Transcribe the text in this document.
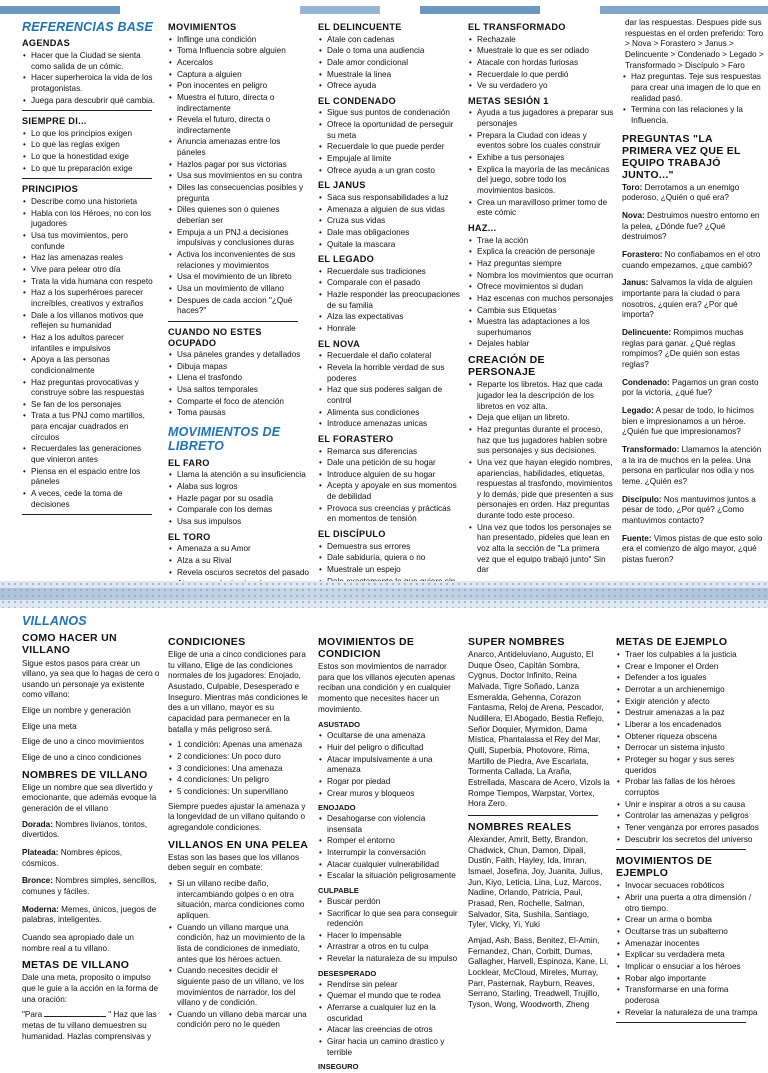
REFERENCIAS BASE
AGENDAS
• Hacer que la Ciudad se sienta como salida de un cómic.
• Hacer superheroica la vida de los protagonistas.
• Juega para descubrir qué cambia.
SIEMPRE DI...
• Lo que los principios exigen
• Lo que las reglas exigen
• Lo que la honestidad exige
• Lo que tu preparación exige
PRINCIPIOS
• Describe como una historieta
• Habla con los Héroes, no con los jugadores
• Usa tus movimientos, pero confunde
• Haz las amenazas reales
• Vive para pelear otro día
• Trata la vida humana con respeto
• Haz a los superhéroes parecer increíbles, creativos y extraños
• Dale a los villanos motivos que reflejen su humanidad
• Haz a los adultos parecer infantiles e impulsivos
• Apoya a las personas condicionalmente
• Haz preguntas provocativas y construye sobre las respuestas
• Se fan de los personajes
• Trata a tus PNJ como martillos, para encajar cuadrados en círculos
• Recuerdales las generaciones que vinieron antes
• Piensa en el espacio entre los páneles
• A veces, cede la toma de decisiones
MOVIMIENTOS
• Inflinge una condición
• Toma Influencia sobre alguien
• Acercalos
• Captura a alguien
• Pon inocentes en peligro
• Muestra el futuro, directa o indirectamente
• Revela el futuro, directa o indirectamente
• Anuncia amenazas entre los páneles
• Hazlos pagar por sus victorias
• Usa sus movimientos en su contra
• Diles las consecuencias posibles y pregunta
• Diles quienes son o quienes deberían ser
• Empuja a un PNJ a decisiones impulsivas y conclusiones duras
• Activa los inconvenientes de sus relaciones y movimientos
• Usa el movimiento de un libreto
• Usa un movimiento de villano
• Despues de cada accion "¿Qué haces?"
CUANDO NO ESTES OCUPADO
• Usa páneles grandes y detallados
• Dibuja mapas
• Llena el trasfondo
• Usa saltos temporales
• Comparte el foco de atención
• Toma pausas
MOVIMIENTOS DE LIBRETO
EL FARO
• Llama la atención a su insuficiencia
• Alaba sus logros
• Hazle pagar por su osadía
• Comparale con los demas
• Usa sus impulsos
EL TORO
• Amenaza a su Amor
• Alza a su Rival
• Revela oscuros secretos del pasado
•
•
EL DELINCUENTE
• Atale con cadenas
• Dale o toma una audiencia
• Dale amor condicional
• Muestrale la linea
• Ofrece ayuda
EL CONDENADO
• Sigue sus puntos de condenación
• Ofrece la oportunidad de perseguir su meta
• Recuerdale lo que puede perder
• Empujale al limite
• Ofrece ayuda a un gran costo
EL JANUS
• Saca sus responsabilidades a luz
• Amenaza a alguien de sus vidas
• Cruza sus vidas
• Dale mas obligaciones
• Quitale la mascara
EL LEGADO
• Recuerdale sus tradiciones
• Comparale con el pasado
• Hazle responder las preocupaciones de su familia
• Alza las expectativas
• Honrale
EL NOVA
• Recuerdale el daño colateral
• Revela la horrible verdad de sus poderes
• Haz que sus poderes salgan de control
• Alimenta sus condiciones
• Introduce amenazas unicas
EL FORASTERO
• Remarca sus diferencias
• Dale una petición de su hogar
• Introduce alguien de su hogar
• Acepta y apoyale en sus momentos de debilidad
• Provoca sus creencias y prácticas en momentos de tensión
EL DISCÍPULO
• Demuestra sus errores
• Dale sabiduría, quiera o no
• Muestrale un espejo
•
•
EL TRANSFORMADO
• Rechazale
• Muestrale lo que es ser odiado
• Atacale con hordas furiosas
• Recuerdale lo que perdió
• Ve su verdadero yo
METAS SESIÓN 1
• Ayuda a tus jugadores a preparar sus personajes
• Prepara la Ciudad con ideas y eventos sobre los cuales construir
• Exhibe a tus personajes
• Explica la mayoría de las mecánicas del juego, sobre todo los movimientos basicos.
• Crea un maravilloso primer tomo de este cómic
HAZ...
• Trae la acción
• Explica la creación de personaje
• Haz preguntas siempre
• Nombra los movimientos que ocurran
• Ofrece movimientos si dudan
• Haz escenas con muchos personajes
• Cambia sus Etiquetas
• Muestra las adaptaciones a los superhumanos
• Dejales hablar
CREACIÓN DE PERSONAJE
• Reparte los libretos. Haz que cada jugador lea la descripción de los libretos en voz alta.
• Deja que elijan un libreto.
• Haz preguntas durante el proceso, haz que tus jugadores hablen sobre sus personajes y sus decisiones.
• Una vez que hayan elegido nombres, apariencias, habilidades, etiquetas, respuestas al trasfondo, movimientos y lo demás, pide que presenten a sus personajes en orden. Haz preguntas durante todo este proceso.
• Una vez que todos los personajes se han presentado, pideles que lean en voz alta la sección de "La primera vez que el equipo trabajó junto" Sin dar

dar las respuestas. Despues pide sus respuestas en el orden preferido: Toro > Nova > Forastero > Janus > Delincuente > Condenado > Legado > Transformado > Discípulo > Faro

• Haz preguntas. Teje sus respuestas para crear una imagen de lo que en realidad pasó.
• Termina con las relaciones y la Influencia.
PREGUNTAS "LA PRIMERA VEZ QUE EL EQUIPO TRABAJÓ JUNTO..."

Toro: Derrotamos a un enemigo poderoso, ¿Quién o qué era?

Nova: Destruimos nuestro entorno en la pelea, ¿Dónde fue? ¿Qué destruimos?

Forastero: No confiabamos en el otro cuando empezamos, ¿que cambió?

Janus: Salvamos la vida de alguien importante para la ciudad o para nosotros, ¿quien era? ¿Por qué importa?

Delincuente: Rompimos muchas reglas para ganar. ¿Qué reglas rompimos? ¿De quién son estas reglas?

Condenado: Pagamos un gran costo por la victoria, ¿qué fue?

Legado: A pesar de todo, lo hicimos bien e impresionamos a un héroe. ¿Quién fue que impresionamos?

Transformado: Llamamos la atención a la ira de muchos en la pelea. Una persona en particular nos odia y nos teme. ¿Quién es?

Discípulo: Nos mantuvimos juntos a pesar de todo, ¿Por qué? ¿Como mantuvimos contacto?

Fuente: Vimos pistas de que esto solo era el comienzo de algo mayor, ¿qué pistas fueron?

VILLANOS
COMO HACER UN VILLANO

Sigue estos pasos para crear un villano, ya sea que lo hagas de cero o usando un personaje ya existente como villano:

Elige un nombre y generación

Elige una meta

Elige de uno a cinco movimientos

Elige de uno a cinco condiciones

NOMBRES DE VILLANO

Elige un nombre que sea divertido y emocionante, que además evoque la generación de el villano

Dorada: Nombres livianos, tontos, divertidos.

Plateada: Nombres épicos, cósmicos.

Bronce: Nombres simples, sencillos, comunes y fáciles.

Moderna: Memes, únicos, juegos de palabras, inteligentes.

Cuando sea apropiado dale un nombre real a tu villano.

METAS DE VILLANO

Dale una meta, proposito o impulso que le guie a la acción en la forma de una oración:

"Para	" Haz que las metas de tu villano demuestren su humanidad. Hazlas comprensivas y

CONDICIONES

Elige de una a cinco condiciones para tu villano. Elige de las condiciones normales de los jugadores: Enojado, Asustado, Culpable, Desesperado e Inseguro. Mientras más condiciones le des a un villano, mayor es su capacidad para permanecer en la batalla y más peligroso será.

• 1 condición: Apenas una amenaza
• 2 condiciones: Un poco duro
• 3 condiciones: Una amenaza
• 4 condiciones: Un peligro
• 5 condiciones: Un supervillano

Siempre puedes ajustar la amenaza y la longevidad de un villano quitando o agregandole condiciones.

VILLANOS EN UNA PELEA

Estas son las bases que los villanos deben seguir en combate:

• Si un villano recibe daño, intercambiando golpes o en otra situación, marca condiciones como apliquen.
• Cuando un villano marque una condición, haz un movimiento de la lista de condiciones de inmediato, antes que los héroes actuen.
• Cuando necesites decidir el siguiente paso de un villano, ve los movimientos de narrador, los del villano y de condición.
• Cuando un villano deba marcar una condición pero no le queden
MOVIMIENTOS DE CONDICION

Estos son movimientos de narrador para que los villanos ejecuten apenas reciban una condición y en cualquier momento que necesites hacer un movimiento.

ASUSTADO
• Ocultarse de una amenaza
• Huir del peligro o dificultad
• Atacar impulsivamente a una amenaza
• Rogar por piedad
• Crear muros y bloqueos
ENOJADO
• Desahogarse con violencia insensata
• Romper el entorno
• Interrumpir la conversación
• Atacar cualquier vulnerabilidad
• Escalar la situación peligrosamente
CULPABLE
• Buscar perdón
• Sacrificar lo que sea para conseguir redención
• Hacer lo impensable
• Arrastrar a otros en tu culpa
• Revelar la naturaleza de su impulso
DESESPERADO
• Rendirse sin pelear
• Quemar el mundo que te rodea
• Aferrarse a cualquier luz en la oscuridad
• Atacar las creencias de otros
• Girar hacia un camino drastico y terrible
INSEGURO
SUPER NOMBRES

Anarco, Antideluviano, Augusto, El Duque Óseo, Capitán Sombra, Cygnus, Doctor Infinito, Reina Malvada, Tigre Soñado, Lanza Esmeralda, Gehenna, Corazon Fantasma, Reloj de Arena, Pescador, Nudillera, El Abogado, Bestia Reflejo, Señor Doquier, Myrmidon, Dama Mística, Phantalassa el Rey del Mar, Quill, Superbia, Photovore, Rima, Martillo de Piedra, Ave Escarlata, Tormenta Callada, La Araña, Estrellada, Mascara de Acero, Vizols la Rompe Tiempos, Warpstar, Vortex, Hora Zero.

NOMBRES REALES

Alexander, Amrit, Betty, Brandon, Chadwick, Chun, Damon, Dipali, Dustin, Faith, Hayley, Ida, Imran, Ismael, Josefina, Joy, Juanita, Julius, Jun, Kiyo, Leticia, Lina, Luz, Marcos, Nadine, Orlando, Patricia, Paul, Prasad, Ren, Rochelle, Salman, Salvador, Sita, Sushila, Santiago, Tyler, Vicky, Yi, Yuki

Amjad, Ash, Bass, Benitez, El-Amin, Fernandez, Chan, Corbitt, Dumas, Gallagher, Harvell, Espinoza, Kane, Li, Locklear, McCloud, Mireles, Murray, Parr, Pasternak, Rayburn, Reaves, Serrano, Starling, Treadwell, Trujillo, Tyson, Wong, Woodworth, Zheng

METAS DE EJEMPLO
• Traer los culpables a la justicia
• Crear e Imponer el Orden
• Defender a los iguales
• Derrotar a un archienemigo
• Exigir atención y afecto
• Destruir amenazas a la paz
• Liberar a los encadenados
• Obtener riqueza obscena
• Derrocar un sistema injusto
• Proteger su hogar y sus seres queridos
• Probar las fallas de los héroes corruptos
• Unir e inspirar a otros a su causa
• Controlar las amenazas y peligros
• Tener venganza por errores pasados
• Descubrir los secretos del universo
MOVIMIENTOS DE EJEMPLO
• Invocar secuaces robóticos
• Abrir una puerta a otra dimensión / otro tiempo.
• Crear un arma o bomba
• Ocultarse tras un subalterno
• Amenazar inocentes
• Explicar su verdadera meta
• Implicar o ensuciar a los héroes
• Robar algo importante
• Transformarse en una forma poderosa
• Revelar la naturaleza de una trampa
